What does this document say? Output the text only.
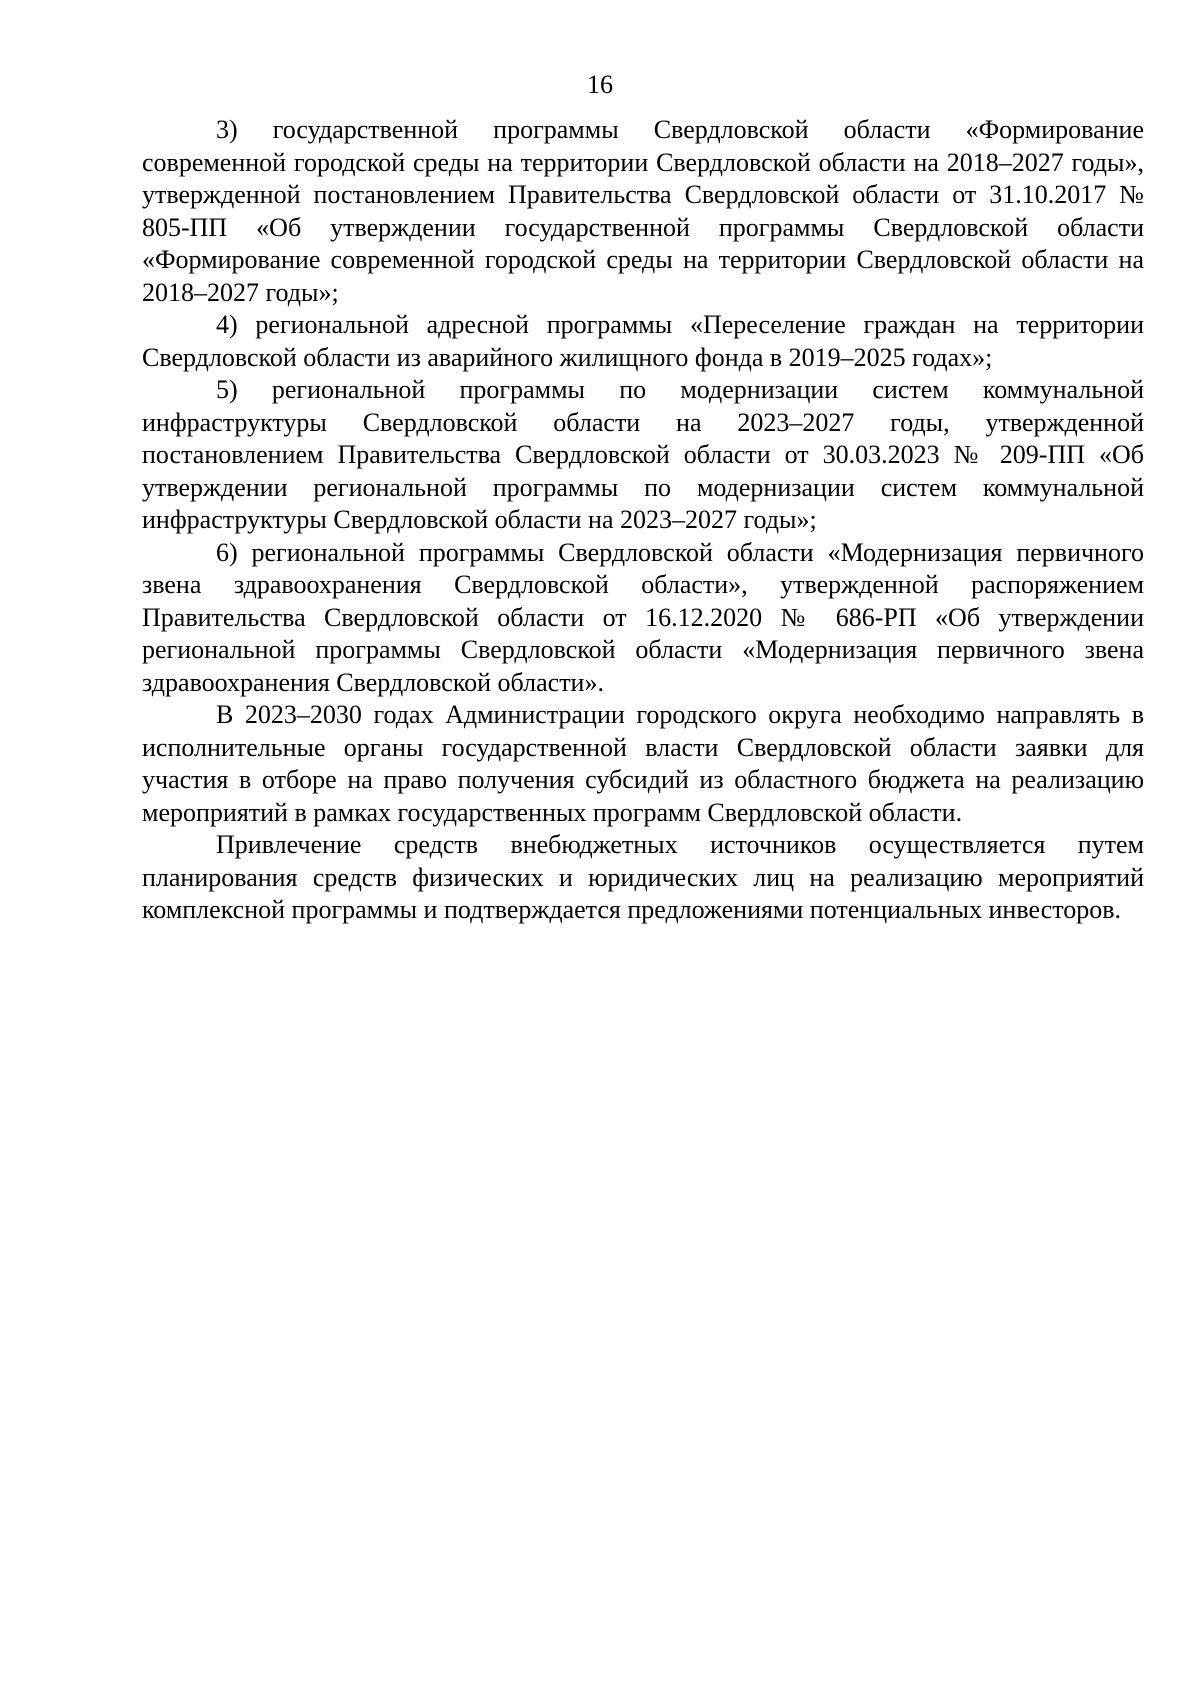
16

3) государственной программы Свердловской области «Формирование современной городской среды на территории Свердловской области на 2018–2027 годы», утвержденной постановлением Правительства Свердловской области от 31.10.2017 № 805-ПП «Об утверждении государственной программы Свердловской области «Формирование современной городской среды на территории Свердловской области на 2018–2027 годы»;

4) региональной адресной программы «Переселение граждан на территории Свердловской области из аварийного жилищного фонда в 2019–2025 годах»;

5) региональной программы по модернизации систем коммунальной инфраструктуры Свердловской области на 2023–2027 годы, утвержденной постановлением Правительства Свердловской области от 30.03.2023 № 209-ПП «Об утверждении региональной программы по модернизации систем коммунальной инфраструктуры Свердловской области на 2023–2027 годы»;

6) региональной программы Свердловской области «Модернизация первичного звена здравоохранения Свердловской области», утвержденной распоряжением Правительства Свердловской области от 16.12.2020 № 686-РП «Об утверждении региональной программы Свердловской области «Модернизация первичного звена здравоохранения Свердловской области».

В 2023–2030 годах Администрации городского округа необходимо направлять в исполнительные органы государственной власти Свердловской области заявки для участия в отборе на право получения субсидий из областного бюджета на реализацию мероприятий в рамках государственных программ Свердловской области.

Привлечение средств внебюджетных источников осуществляется путем планирования средств физических и юридических лиц на реализацию мероприятий комплексной программы и подтверждается предложениями потенциальных инвесторов.
